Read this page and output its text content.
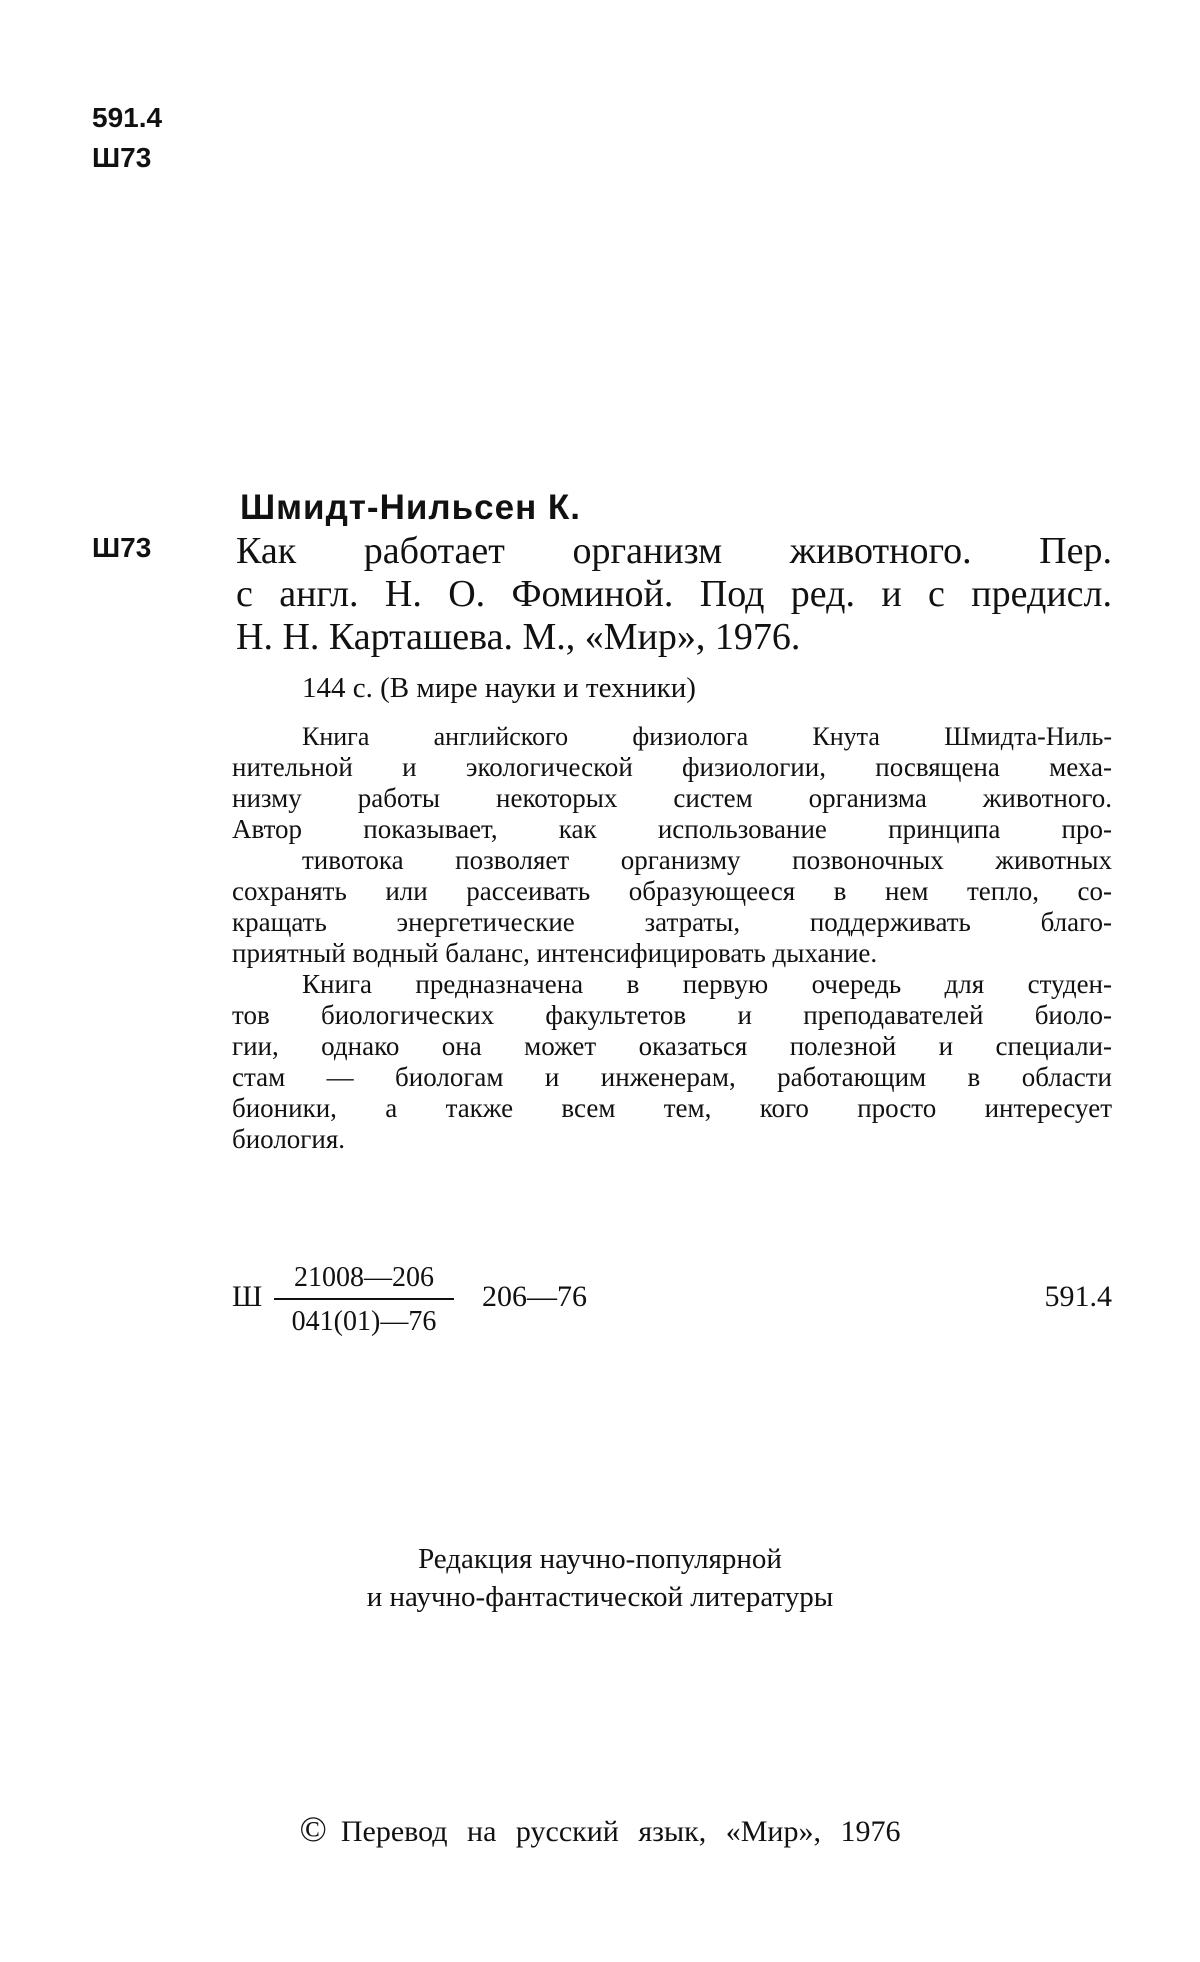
591.4
Ш73
Шмидт-Нильсен К.
Ш73 Как работает организм животного. Пер.
с англ. Н. О. Фоминой. Под ред. и с предисл.
Н. Н. Карташева. М., «Мир», 1976.
144 с. (В мире науки и техники)
Книга английского физиолога Кнута Шмидта-Ниль-
нительной и экологической физиологии, посвящена меха-
низму работы некоторых систем организма животного.
Автор показывает, как использование принципа про-
тивотока позволяет организму позвоночных животных
сохранять или рассеивать образующееся в нем тепло, со-
кращать энергетические затраты, поддерживать благо-
приятный водный баланс, интенсифицировать дыхание.
Книга предназначена в первую очередь для студен-
тов биологических факультетов и преподавателей биоло-
гии, однако она может оказаться полезной и специали-
стам — биологам и инженерам, работающим в области
бионики, а также всем тем, кого просто интересует
биология.
Ш
21008—206
041(01)—76
206—76	591.4
Редакция научно-популярной
и научно-фантастической литературы
© Перевод на русский язык, «Мир», 1976
